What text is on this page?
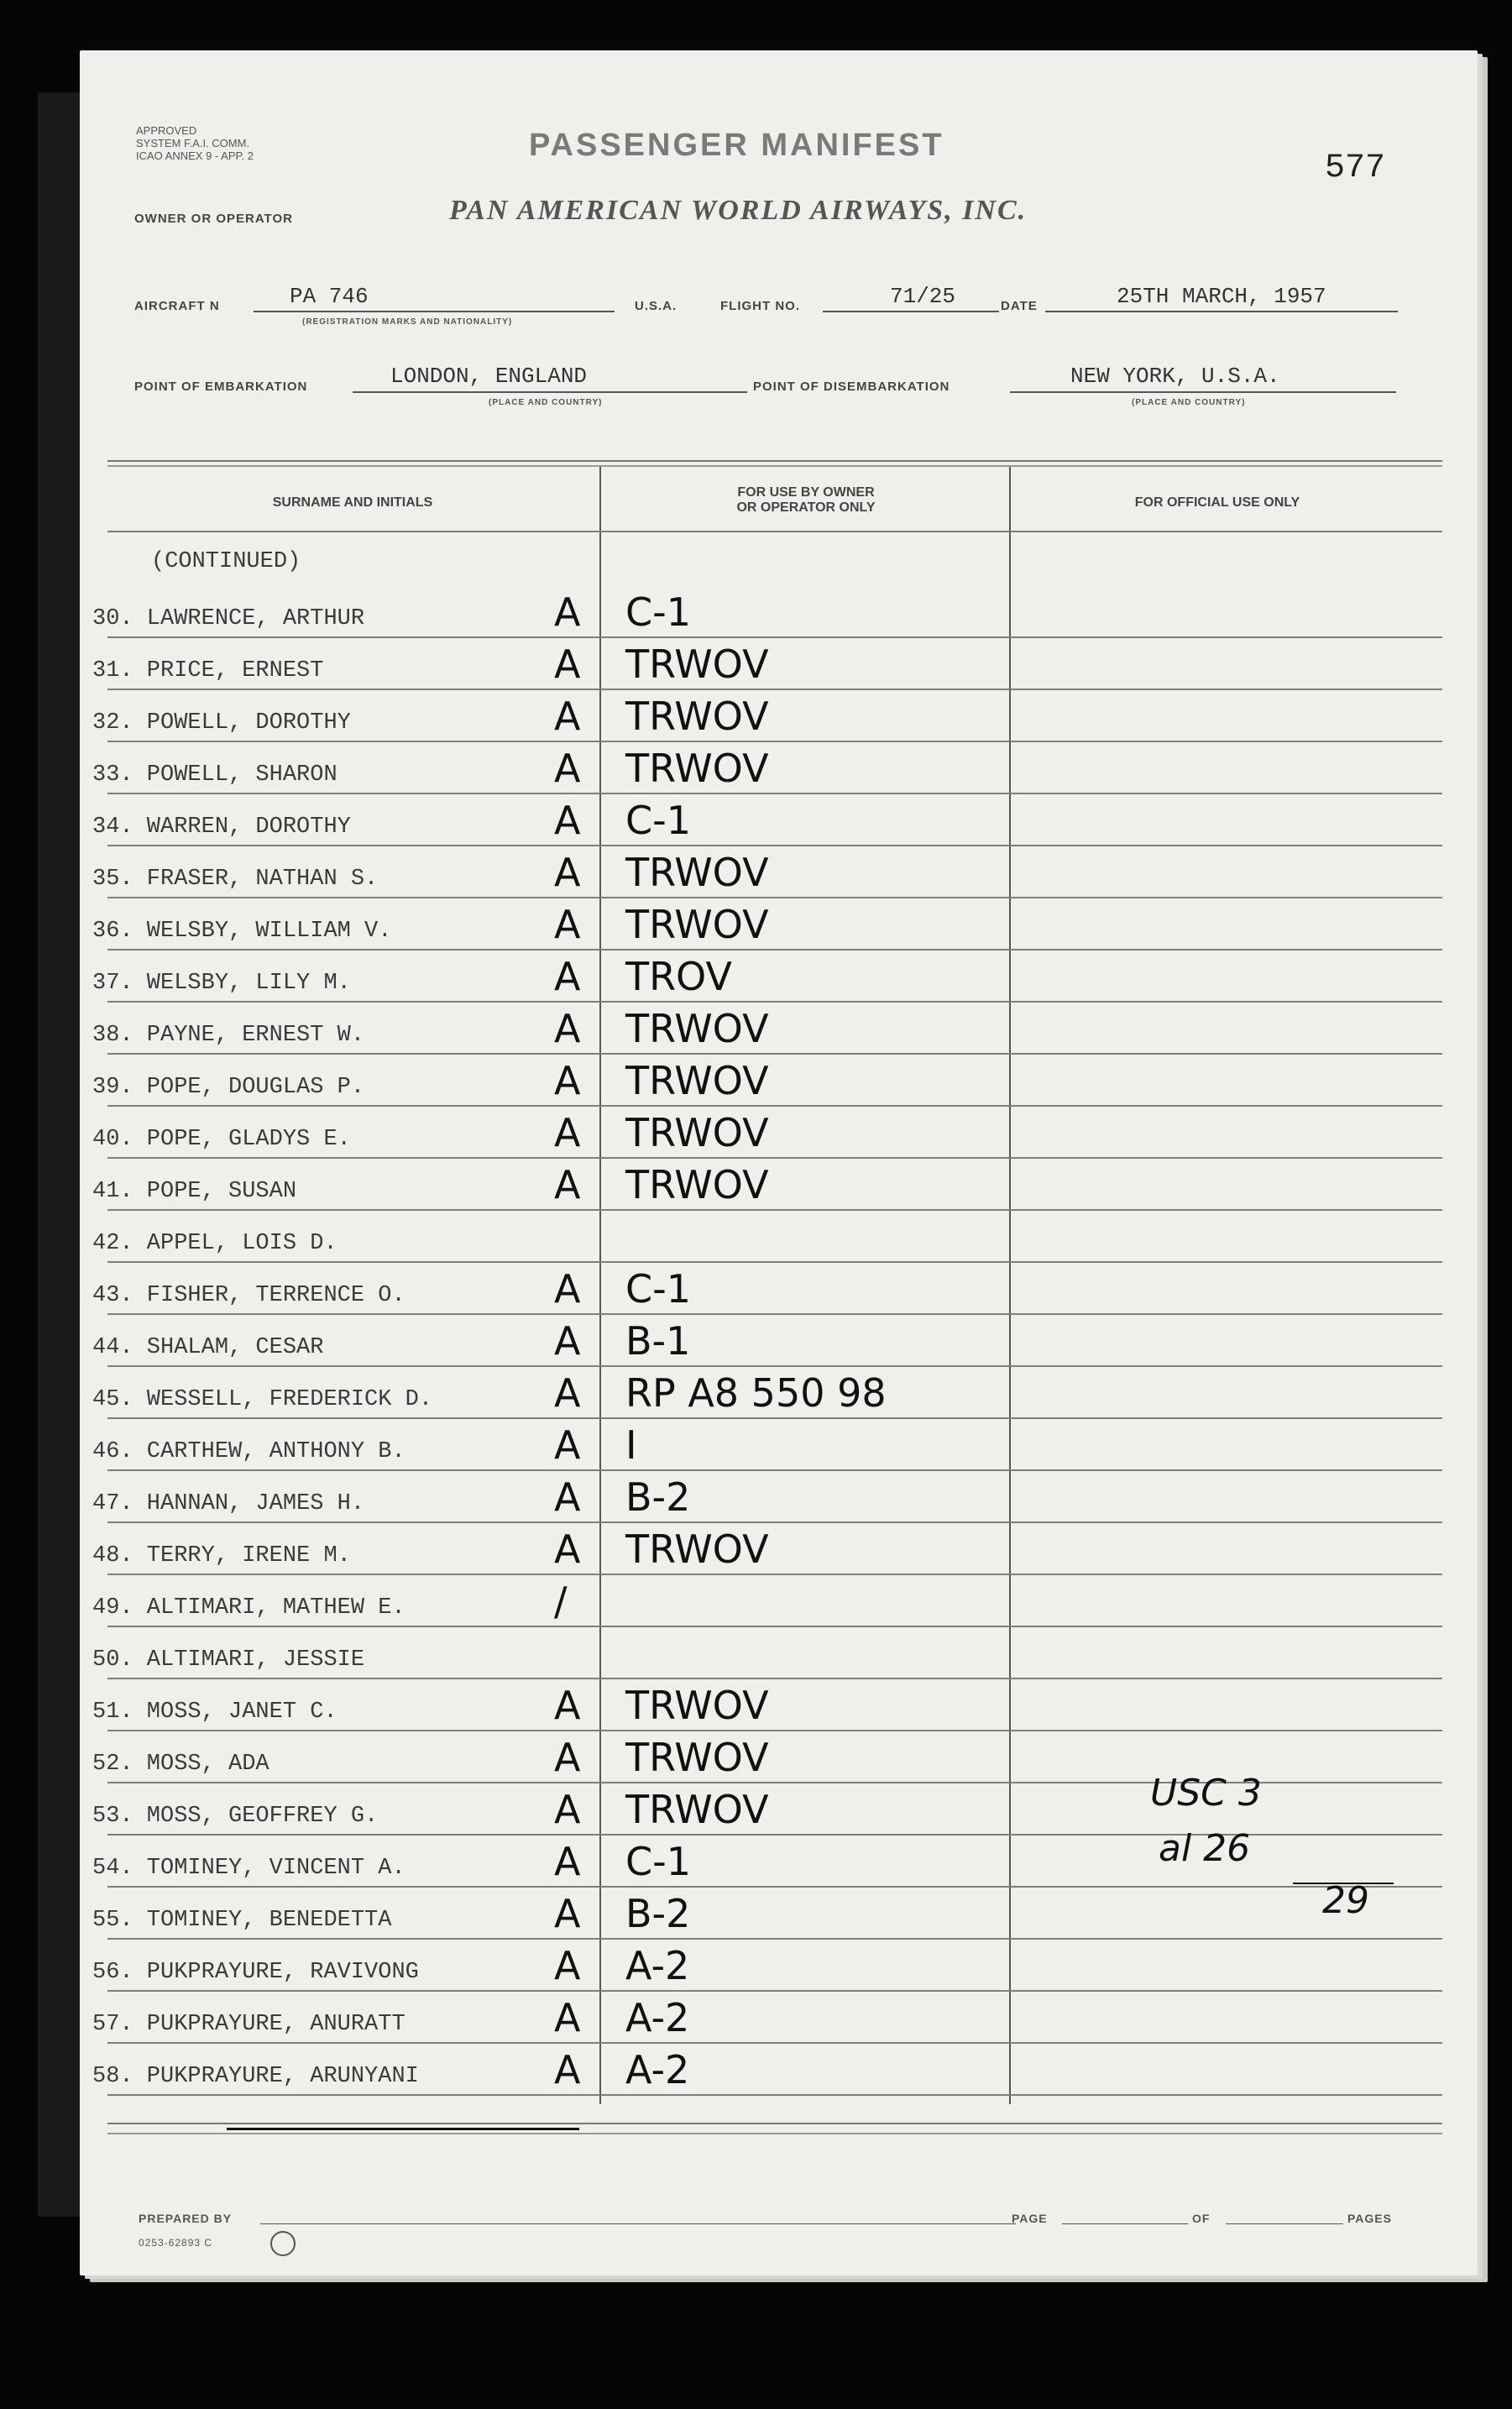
APPROVED
SYSTEM F.A.I. COMM.
ICAO ANNEX 9 - APP. 2	PASSENGER MANIFEST
577
OWNER OR OPERATOR	PAN AMERICAN WORLD AIRWAYS, INC.
AIRCRAFT N	PA 746
(REGISTRATION MARKS AND NATIONALITY)
U.S.A.	FLIGHT NO.	71/25	DATE	25TH MARCH, 1957
POINT OF EMBARKATION	LONDON, ENGLAND
(PLACE AND COUNTRY)
POINT OF DISEMBARKATION	NEW YORK, U.S.A.
(PLACE AND COUNTRY)
SURNAME AND INITIALS
FOR USE BY OWNER
OR OPERATOR ONLY	FOR OFFICIAL USE ONLY
(CONTINUED)
30. LAWRENCE, ARTHUR	A C-1
31. PRICE, ERNEST	A TRWOV
32. POWELL, DOROTHY	A TRWOV
33. POWELL, SHARON	A TRWOV
34. WARREN, DOROTHY	A C-1
35. FRASER, NATHAN S.	A TRWOV
36. WELSBY, WILLIAM V.	A TRWOV
37. WELSBY, LILY M.	A TROV
38. PAYNE, ERNEST W.	A TRWOV
39. POPE, DOUGLAS P.	A TRWOV
40. POPE, GLADYS E.	A TRWOV
41. POPE, SUSAN	A TRWOV
42. APPEL, LOIS D.
43. FISHER, TERRENCE O.	A C-1
44. SHALAM, CESAR	A B-1
45. WESSELL, FREDERICK D.	A RP A8 550 98
46. CARTHEW, ANTHONY B.	A I
47. HANNAN, JAMES H.	A B-2
48. TERRY, IRENE M.	A TRWOV
49. ALTIMARI, MATHEW E.	/
50. ALTIMARI, JESSIE
51. MOSS, JANET C.	A TRWOV
52. MOSS, ADA	A TRWOV
53. MOSS, GEOFFREY G.	A TRWOV
54. TOMINEY, VINCENT A.	A C-1
55. TOMINEY, BENEDETTA	A B-2
56. PUKPRAYURE, RAVIVONG	A A-2
57. PUKPRAYURE, ANURATT	A A-2
58. PUKPRAYURE, ARUNYANI	A A-2
USC 3
al 26
29
PREPARED BY	PAGE	OF	PAGES
0253-62893 C
